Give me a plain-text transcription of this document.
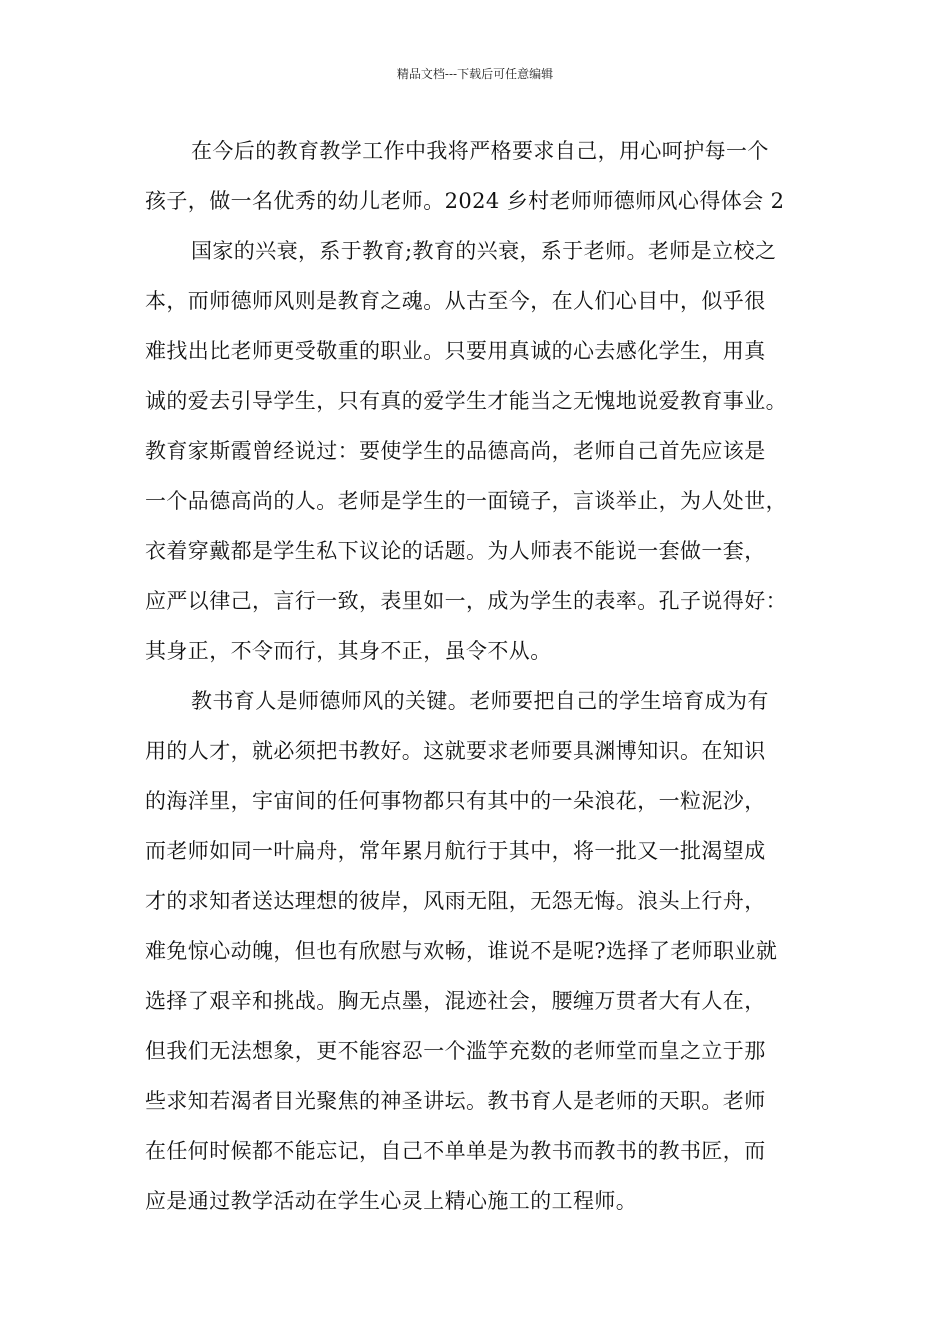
精品文档---下载后可任意编辑
在今后的教育教学工作中我将严格要求自己，用心呵护每一个
孩子，做一名优秀的幼儿老师。2024 乡村老师师德师风心得体会 2
国家的兴衰，系于教育;教育的兴衰，系于老师。老师是立校之
本，而师德师风则是教育之魂。从古至今，在人们心目中，似乎很
难找出比老师更受敬重的职业。只要用真诚的心去感化学生，用真
诚的爱去引导学生，只有真的爱学生才能当之无愧地说爱教育事业。
教育家斯霞曾经说过：要使学生的品德高尚，老师自己首先应该是
一个品德高尚的人。老师是学生的一面镜子，言谈举止，为人处世，
衣着穿戴都是学生私下议论的话题。为人师表不能说一套做一套，
应严以律己，言行一致，表里如一，成为学生的表率。孔子说得好：
其身正，不令而行，其身不正，虽令不从。
教书育人是师德师风的关键。老师要把自己的学生培育成为有
用的人才，就必须把书教好。这就要求老师要具渊博知识。在知识
的海洋里，宇宙间的任何事物都只有其中的一朵浪花，一粒泥沙，
而老师如同一叶扁舟，常年累月航行于其中，将一批又一批渴望成
才的求知者送达理想的彼岸，风雨无阻，无怨无悔。浪头上行舟，
难免惊心动魄，但也有欣慰与欢畅，谁说不是呢?选择了老师职业就
选择了艰辛和挑战。胸无点墨，混迹社会，腰缠万贯者大有人在，
但我们无法想象，更不能容忍一个滥竽充数的老师堂而皇之立于那
些求知若渴者目光聚焦的神圣讲坛。教书育人是老师的天职。老师
在任何时候都不能忘记，自己不单单是为教书而教书的教书匠，而
应是通过教学活动在学生心灵上精心施工的工程师。
